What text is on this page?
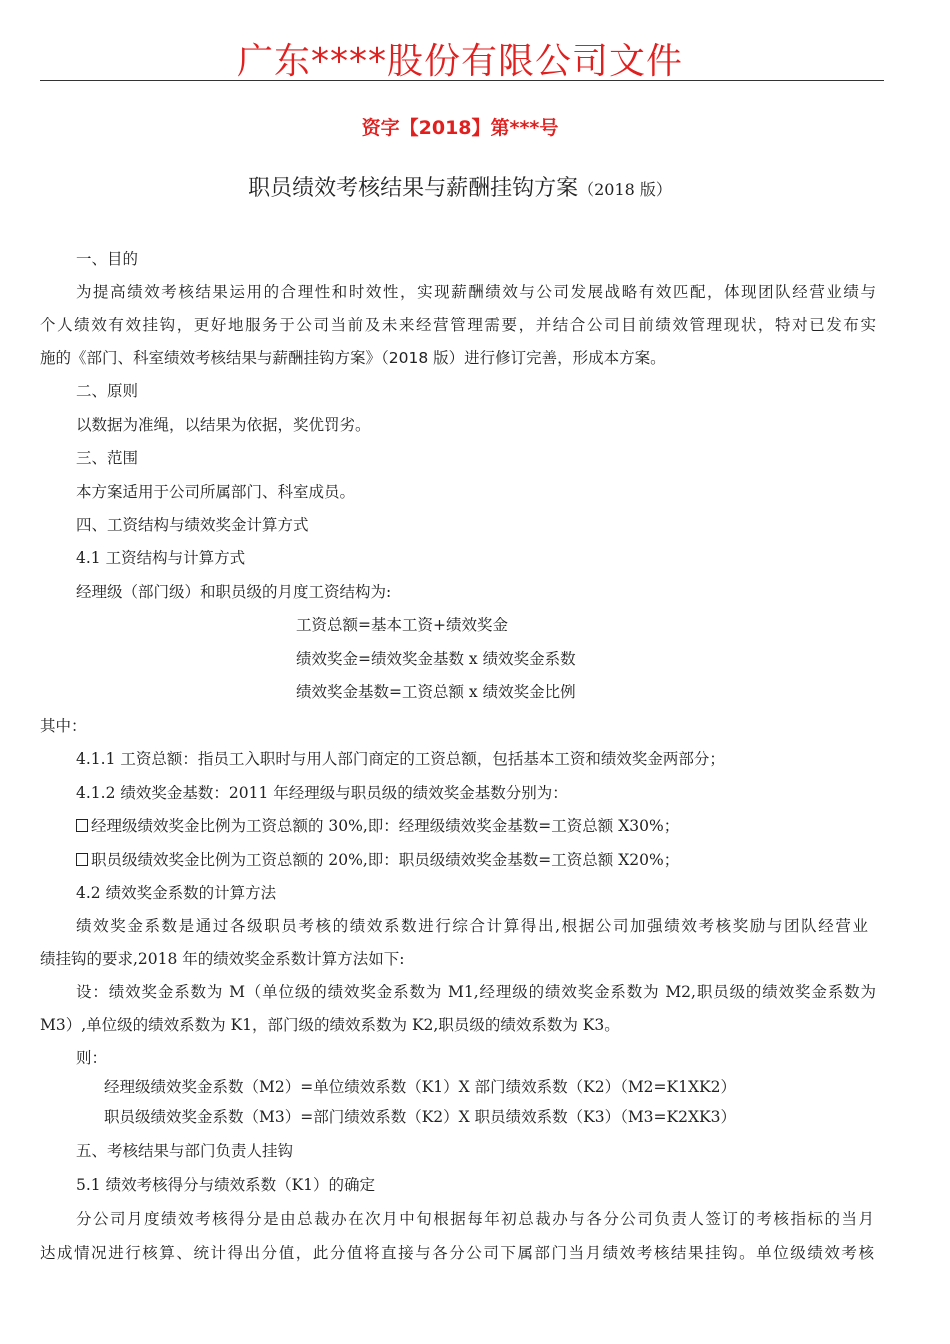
广东****股份有限公司文件
资字【2018】第***号
职员绩效考核结果与薪酬挂钩方案（2018 版）
一、目的
为提高绩效考核结果运用的合理性和时效性，实现薪酬绩效与公司发展战略有效匹配，体现团队经营业绩与
个人绩效有效挂钩，更好地服务于公司当前及未来经营管理需要，并结合公司目前绩效管理现状，特对已发布实
施的《部门、科室绩效考核结果与薪酬挂钩方案》（2018 版）进行修订完善，形成本方案。
二、原则
以数据为准绳，以结果为依据，奖优罚劣。
三、范围
本方案适用于公司所属部门、科室成员。
四、工资结构与绩效奖金计算方式
4.1 工资结构与计算方式
经理级（部门级）和职员级的月度工资结构为:
工资总额=基本工资+绩效奖金
绩效奖金=绩效奖金基数 x 绩效奖金系数
绩效奖金基数=工资总额 x 绩效奖金比例
其中：
4.1.1 工资总额：指员工入职时与用人部门商定的工资总额，包括基本工资和绩效奖金两部分；
4.1.2 绩效奖金基数：2011 年经理级与职员级的绩效奖金基数分别为：
经理级绩效奖金比例为工资总额的 30%,即：经理级绩效奖金基数=工资总额 X30%；
职员级绩效奖金比例为工资总额的 20%,即：职员级绩效奖金基数=工资总额 X20%；
4.2 绩效奖金系数的计算方法
绩效奖金系数是通过各级职员考核的绩效系数进行综合计算得出,根据公司加强绩效考核奖励与团队经营业
绩挂钩的要求,2018 年的绩效奖金系数计算方法如下:
设：绩效奖金系数为 M（单位级的绩效奖金系数为 M1,经理级的绩效奖金系数为 M2,职员级的绩效奖金系数为
M3）,单位级的绩效系数为 K1，部门级的绩效系数为 K2,职员级的绩效系数为 K3。
则：
经理级绩效奖金系数（M2）=单位绩效系数（K1）X 部门绩效系数（K2）（M2=K1XK2）
职员级绩效奖金系数（M3）=部门绩效系数（K2）X 职员绩效系数（K3）（M3=K2XK3）
五、考核结果与部门负责人挂钩
5.1 绩效考核得分与绩效系数（K1）的确定
分公司月度绩效考核得分是由总裁办在次月中旬根据每年初总裁办与各分公司负责人签订的考核指标的当月
达成情况进行核算、统计得出分值，此分值将直接与各分公司下属部门当月绩效考核结果挂钩。单位级绩效考核
